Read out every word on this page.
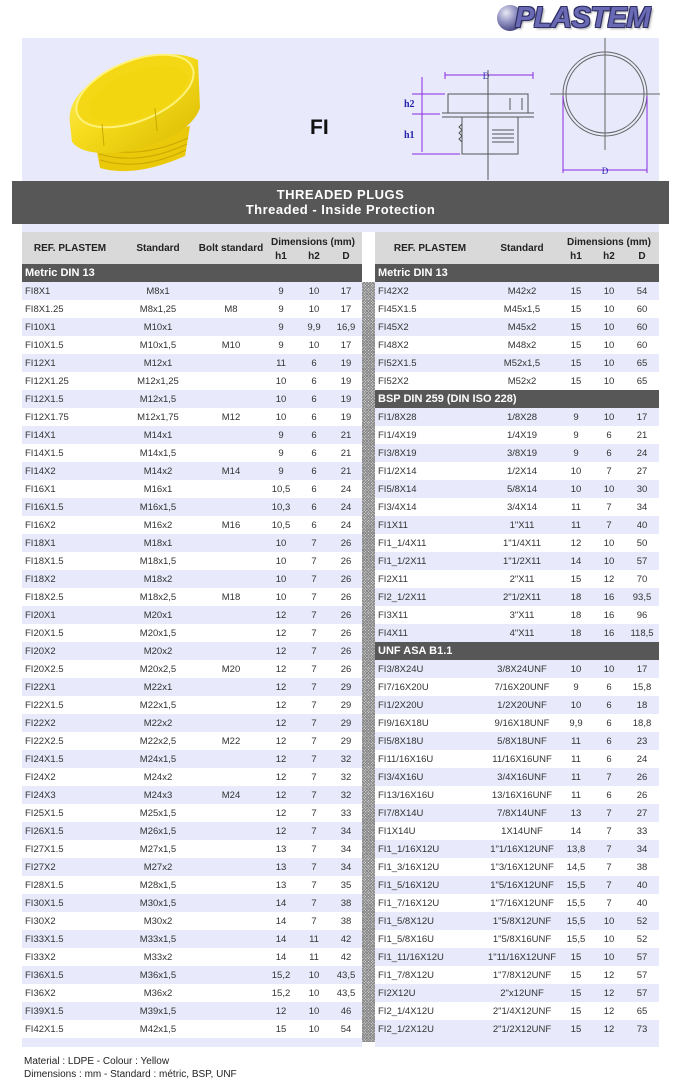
PLASTEM
FI
D
h2
h1
D
THREADED PLUGS
Threaded - Inside Protection
REF. PLASTEM	Standard	Bolt standard	Dimensions (mm)		
			h1	h2	D
Metric DIN 13					
FI8X1	M8x1		9	10	17
FI8X1.25	M8x1,25	M8	9	10	17
FI10X1	M10x1		9	9,9	16,9
FI10X1.5	M10x1,5	M10	9	10	17
FI12X1	M12x1		11	6	19
FI12X1.25	M12x1,25		10	6	19
FI12X1.5	M12x1,5		10	6	19
FI12X1.75	M12x1,75	M12	10	6	19
FI14X1	M14x1		9	6	21
FI14X1.5	M14x1,5		9	6	21
FI14X2	M14x2	M14	9	6	21
FI16X1	M16x1		10,5	6	24
FI16X1.5	M16x1,5		10,3	6	24
FI16X2	M16x2	M16	10,5	6	24
FI18X1	M18x1		10	7	26
FI18X1.5	M18x1,5		10	7	26
FI18X2	M18x2		10	7	26
FI18X2.5	M18x2,5	M18	10	7	26
FI20X1	M20x1		12	7	26
FI20X1.5	M20x1,5		12	7	26
FI20X2	M20x2		12	7	26
FI20X2.5	M20x2,5	M20	12	7	26
FI22X1	M22x1		12	7	29
FI22X1.5	M22x1,5		12	7	29
FI22X2	M22x2		12	7	29
FI22X2.5	M22x2,5	M22	12	7	29
FI24X1.5	M24x1,5		12	7	32
FI24X2	M24x2		12	7	32
FI24X3	M24x3	M24	12	7	32
FI25X1.5	M25x1,5		12	7	33
FI26X1.5	M26x1,5		12	7	34
FI27X1.5	M27x1,5		13	7	34
FI27X2	M27x2		13	7	34
FI28X1.5	M28x1,5		13	7	35
FI30X1.5	M30x1,5		14	7	38
FI30X2	M30x2		14	7	38
FI33X1.5	M33x1,5		14	11	42
FI33X2	M33x2		14	11	42
FI36X1.5	M36x1,5		15,2	10	43,5
FI36X2	M36x2		15,2	10	43,5
FI39X1.5	M39x1,5		12	10	46
FI42X1.5	M42x1,5		15	10	54

REF. PLASTEM	Standard	Dimensions (mm)		
		h1	h2	D
Metric DIN 13				
FI42X2	M42x2	15	10	54
FI45X1.5	M45x1,5	15	10	60
FI45X2	M45x2	15	10	60
FI48X2	M48x2	15	10	60
FI52X1.5	M52x1,5	15	10	65
FI52X2	M52x2	15	10	65
BSP DIN 259 (DIN ISO 228)				
FI1/8X28	1/8X28	9	10	17
FI1/4X19	1/4X19	9	6	21
FI3/8X19	3/8X19	9	6	24
FI1/2X14	1/2X14	10	7	27
FI5/8X14	5/8X14	10	10	30
FI3/4X14	3/4X14	11	7	34
FI1X11	1"X11	11	7	40
FI1_1/4X11	1"1/4X11	12	10	50
FI1_1/2X11	1"1/2X11	14	10	57
FI2X11	2"X11	15	12	70
FI2_1/2X11	2"1/2X11	18	16	93,5
FI3X11	3"X11	18	16	96
FI4X11	4"X11	18	16	118,5
UNF ASA B1.1				
FI3/8X24U	3/8X24UNF	10	10	17
FI7/16X20U	7/16X20UNF	9	6	15,8
FI1/2X20U	1/2X20UNF	10	6	18
FI9/16X18U	9/16X18UNF	9,9	6	18,8
FI5/8X18U	5/8X18UNF	11	6	23
FI11/16X16U	11/16X16UNF	11	6	24
FI3/4X16U	3/4X16UNF	11	7	26
FI13/16X16U	13/16X16UNF	11	6	26
FI7/8X14U	7/8X14UNF	13	7	27
FI1X14U	1X14UNF	14	7	33
FI1_1/16X12U	1"1/16X12UNF	13,8	7	34
FI1_3/16X12U	1"3/16X12UNF	14,5	7	38
FI1_5/16X12U	1"5/16X12UNF	15,5	7	40
FI1_7/16X12U	1"7/16X12UNF	15,5	7	40
FI1_5/8X12U	1"5/8X12UNF	15,5	10	52
FI1_5/8X16U	1"5/8X16UNF	15,5	10	52
FI1_11/16X12U	1"11/16X12UNF	15	10	57
FI1_7/8X12U	1"7/8X12UNF	15	12	57
FI2X12U	2"x12UNF	15	12	57
FI2_1/4X12U	2"1/4X12UNF	15	12	65
FI2_1/2X12U	2"1/2X12UNF	15	12	73

Material : LDPE - Colour : Yellow
Dimensions : mm - Standard : métric, BSP, UNF
